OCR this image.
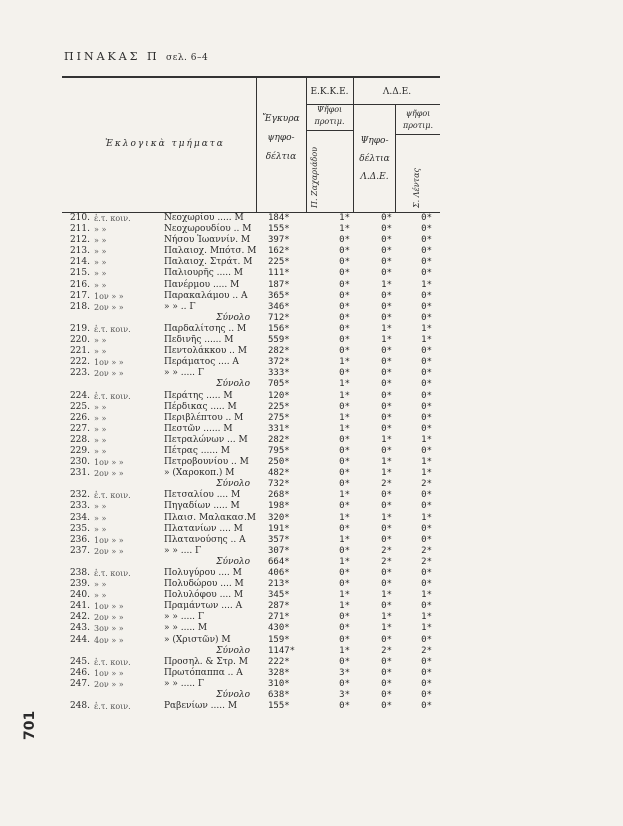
ΠΙΝΑΚΑΣ Π σελ. 6–4
Ἐκλογικὰ τμήματα
Ἔγκυρα
ψηφο-
δέλτια
Ε.Κ.Κ.Ε.	Λ.Δ.Ε.
Ψῆφοι
προτιμ.
Π. Ζαχαριάδου
Ψηφο-
δέλτια
Λ.Δ.Ε.
ψῆφοι
προτιμ.
Σ. Λέντας
210. ἐ.τ. κοιν.	Νεοχωρίου ..... Μ	184*	1*	0*	0*
211. » »	Νεοχωρουδίου .. Μ 155*	1*	0*	0*
212. » »	Νήσου Ἰωαννίν. Μ 397*	0*	0*	0*
213. » »	Παλαιοχ. Μπότσ. Μ 162*	0*	0*	0*
214. » »	Παλαιοχ. Στράτ. Μ 225*	0*	0*	0*
215. » »	Παλιουρῆς ..... Μ	111*	0*	0*	0*
216. » »	Πανέρμου ..... Μ	187*	0*	1*	1*
217. 1ον » »	Παρακαλάμου .. Α 365*	0*	0*	0*
218. 2ον » »	» » .. Γ	346*	0*	0*	0*
Σύνολο 712*	0*	0*	0*
219. ἐ.τ. κοιν.	Παρδαλίτσης .. Μ	156*	0*	1*	1*
220. » »	Πεδινῆς ...... Μ	559*	0*	1*	1*
221. » »	Πεντολάκκου .. Μ	282*	0*	0*	0*
222. 1ον » »	Περάματος .... Α	372*	1*	0*	0*
223. 2ον » »	» » ..... Γ	333*	0*	0*	0*
Σύνολο 705*	1*	0*	0*
224. ἐ.τ. κοιν.	Περάτης ..... Μ	120*	1*	0*	0*
225. » »	Πέρδικας ..... Μ	225*	0*	0*	0*
226. » »	Περιβλέπτου .. Μ	275*	1*	0*	0*
227. » »	Πεστῶν ...... Μ	331*	1*	0*	0*
228. » »	Πετραλώνων ... Μ 282*	0*	1*	1*
229. » »	Πέτρας ...... Μ	795*	0*	0*	0*
230. 1ον » »	Πετροβουνίου .. Μ 250*	0*	1*	1*
231. 2ον » »	» (Χαροκοπ.) Μ	482*	0*	1*	1*
Σύνολο 732*	0*	2*	2*
232. ἐ.τ. κοιν.	Πετσαλίου .... Μ	268*	1*	0*	0*
233. » »	Πηγαδίων ..... Μ	198*	0*	0*	0*
234. » »	Πλαισ. Μαλακασ.Μ 320*	1*	1*	1*
235. » »	Πλατανίων .... Μ	191*	0*	0*	0*
236. 1ον » »	Πλατανούσης .. Α	357*	1*	0*	0*
237. 2ον » »	» » .... Γ	307*	0*	2*	2*
Σύνολο 664*	1*	2*	2*
238. ἐ.τ. κοιν.	Πολυγύρου .... Μ	406*	0*	0*	0*
239. » »	Πολυδώρου .... Μ	213*	0*	0*	0*
240. » »	Πολυλόφου .... Μ	345*	1*	1*	1*
241. 1ον » »	Πραμάντων .... Α	287*	1*	0*	0*
242. 2ον » »	» » ..... Γ	271*	0*	1*	1*
243. 3ον » »	» » ..... Μ	430*	0*	1*	1*
244. 4ον » »	» (Χριστῶν) Μ	159*	0*	0*	0*
Σύνολο 1147*	1*	2*	2*
245. ἐ.τ. κοιν.	Προσηλ. & Στρ. Μ 222*	0*	0*	0*
246. 1ον » »	Πρωτόπαππα .. Α	328*	3*	0*	0*
247. 2ον » »	» » ..... Γ	310*	0*	0*	0*
Σύνολο 638*	3*	0*	0*
248. ἐ.τ. κοιν.	Ραβενίων ..... Μ	155*	0*	0*	0*
701
